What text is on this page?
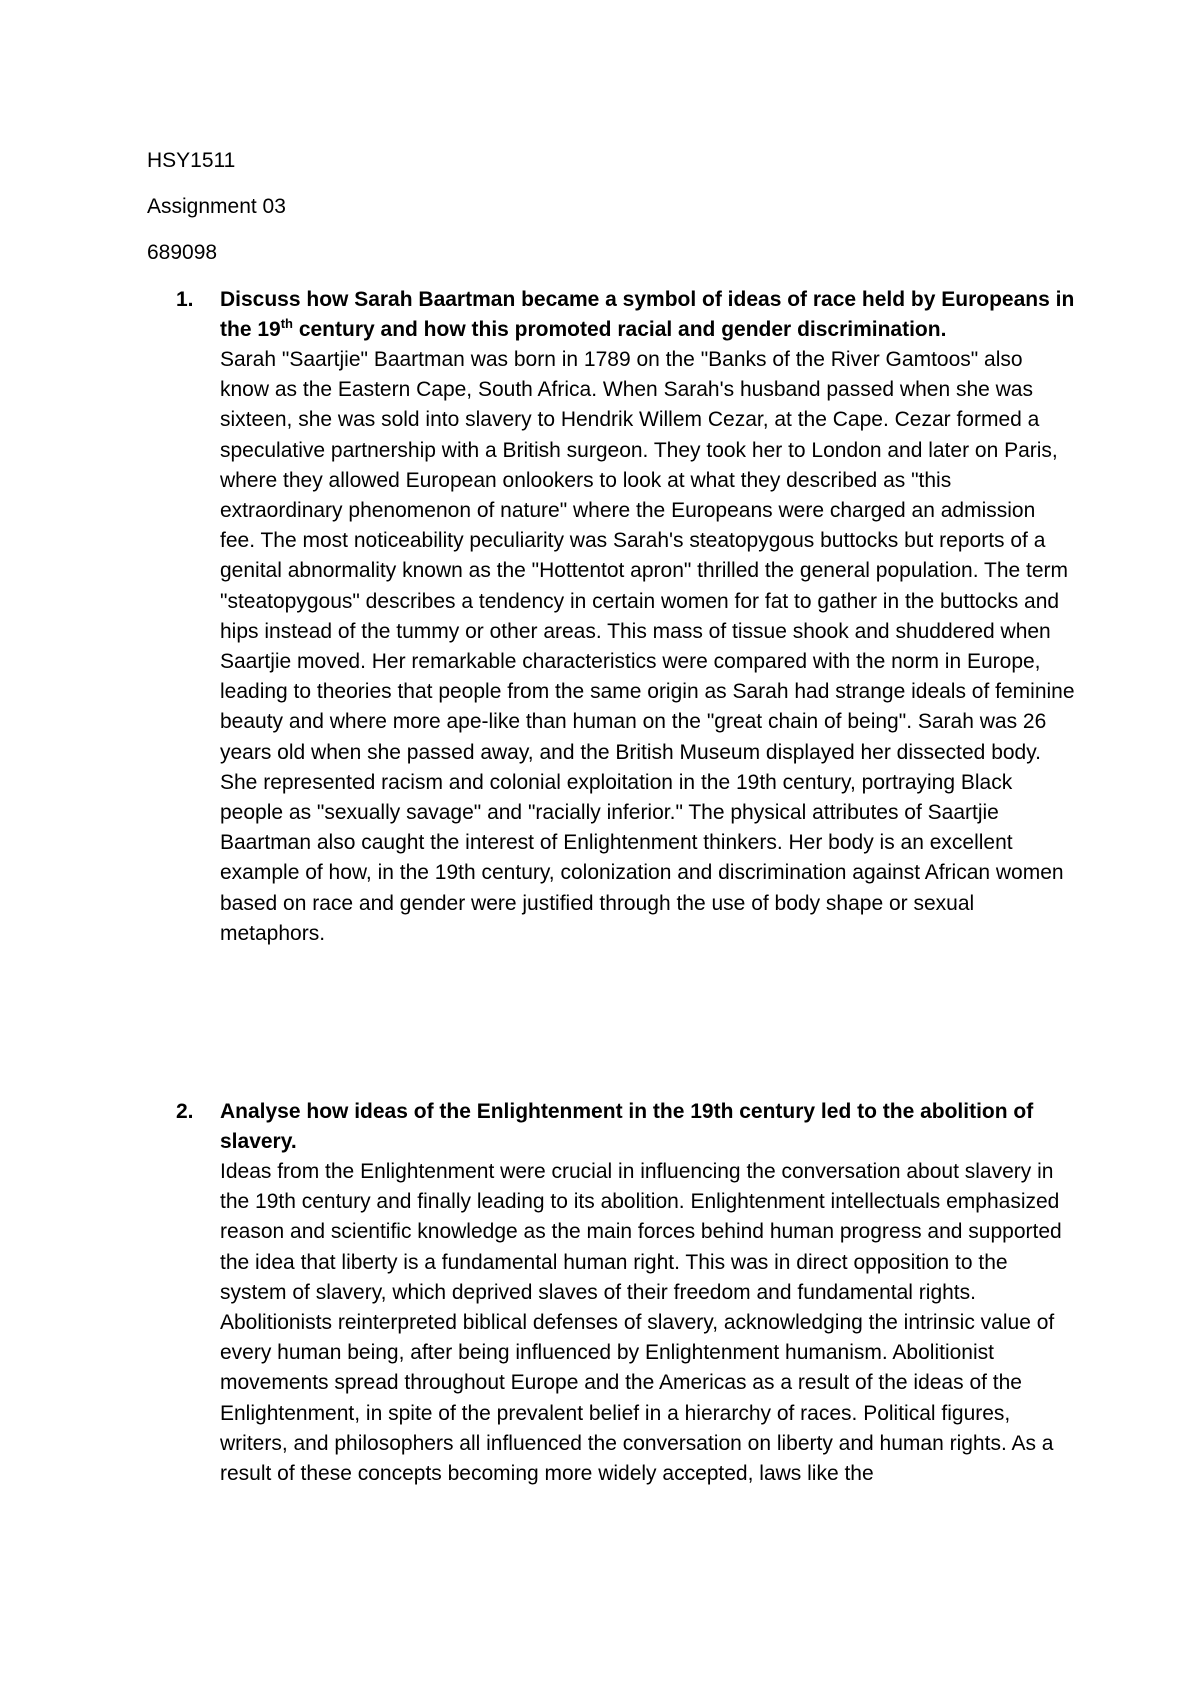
HSY1511

Assignment 03

689098

1. Discuss how Sarah Baartman became a symbol of ideas of race held by Europeans in the 19th century and how this promoted racial and gender discrimination.

Sarah "Saartjie" Baartman was born in 1789 on the "Banks of the River Gamtoos" also know as the Eastern Cape, South Africa. When Sarah's husband passed when she was sixteen, she was sold into slavery to Hendrik Willem Cezar, at the Cape. Cezar formed a speculative partnership with a British surgeon. They took her to London and later on Paris, where they allowed European onlookers to look at what they described as "this extraordinary phenomenon of nature" where the Europeans were charged an admission fee. The most noticeability peculiarity was Sarah's steatopygous buttocks but reports of a genital abnormality known as the "Hottentot apron" thrilled the general population. The term "steatopygous" describes a tendency in certain women for fat to gather in the buttocks and hips instead of the tummy or other areas. This mass of tissue shook and shuddered when Saartjie moved. Her remarkable characteristics were compared with the norm in Europe, leading to theories that people from the same origin as Sarah had strange ideals of feminine beauty and where more ape-like than human on the "great chain of being". Sarah was 26 years old when she passed away, and the British Museum displayed her dissected body. She represented racism and colonial exploitation in the 19th century, portraying Black people as "sexually savage" and "racially inferior." The physical attributes of Saartjie Baartman also caught the interest of Enlightenment thinkers. Her body is an excellent example of how, in the 19th century, colonization and discrimination against African women based on race and gender were justified through the use of body shape or sexual metaphors.

2. Analyse how ideas of the Enlightenment in the 19th century led to the abolition of slavery.

Ideas from the Enlightenment were crucial in influencing the conversation about slavery in the 19th century and finally leading to its abolition. Enlightenment intellectuals emphasized reason and scientific knowledge as the main forces behind human progress and supported the idea that liberty is a fundamental human right. This was in direct opposition to the system of slavery, which deprived slaves of their freedom and fundamental rights. Abolitionists reinterpreted biblical defenses of slavery, acknowledging the intrinsic value of every human being, after being influenced by Enlightenment humanism. Abolitionist movements spread throughout Europe and the Americas as a result of the ideas of the Enlightenment, in spite of the prevalent belief in a hierarchy of races. Political figures, writers, and philosophers all influenced the conversation on liberty and human rights. As a result of these concepts becoming more widely accepted, laws like the
